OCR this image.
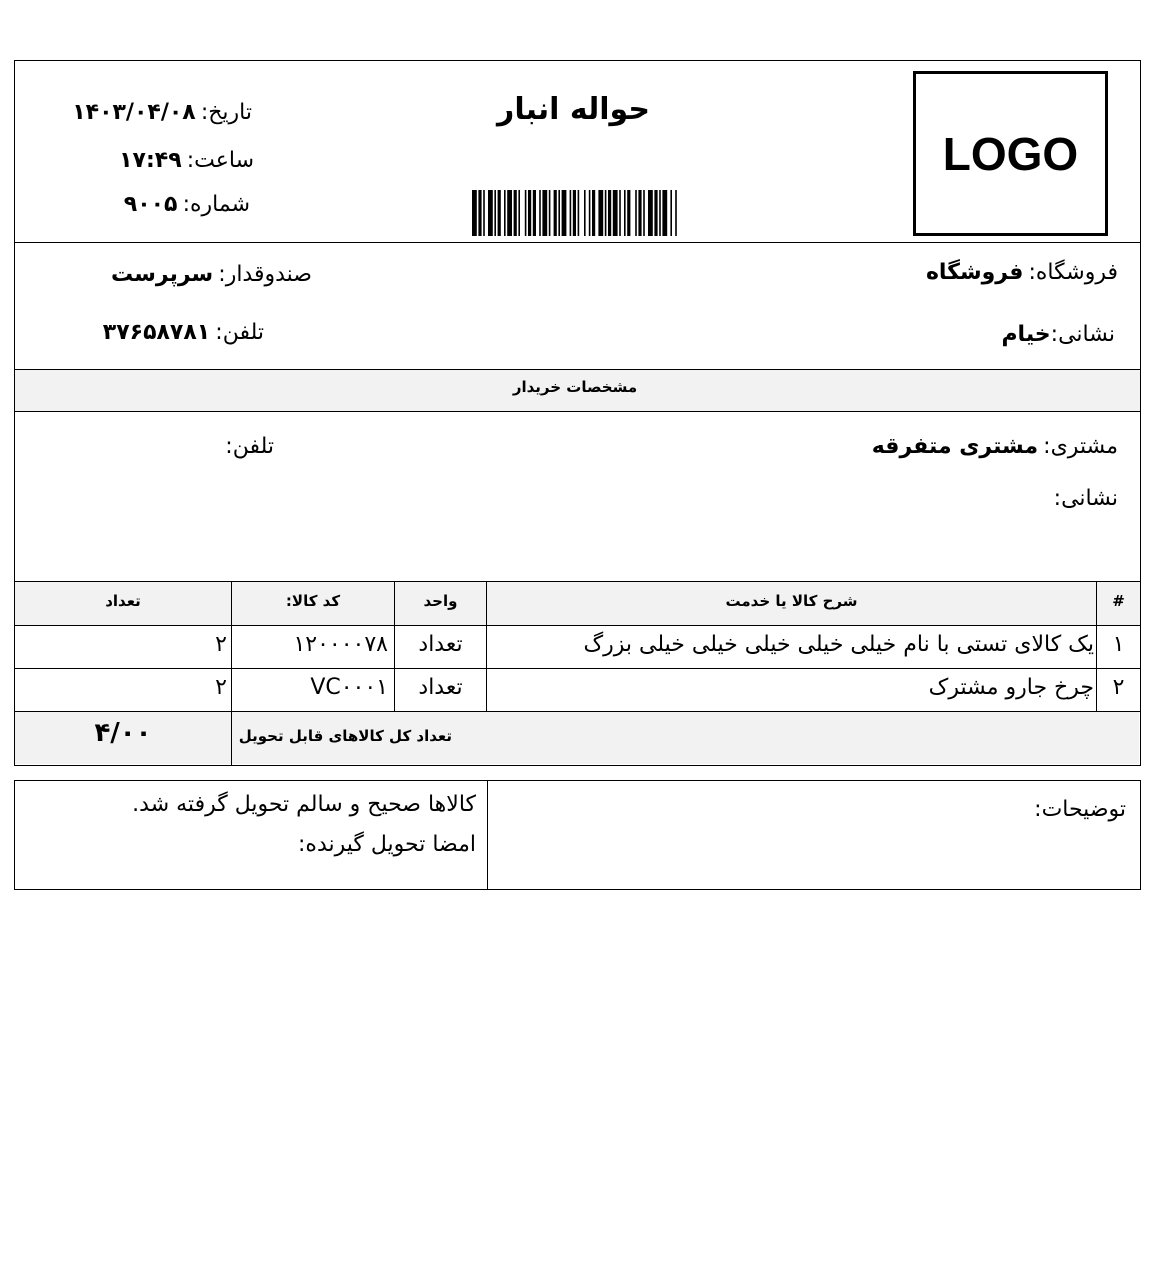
LOGO
حواله انبار
تاریخ: ۱۴۰۳/۰۴/۰۸
ساعت: ۱۷:۴۹
شماره: ۹۰۰۵
فروشگاه: فروشگاه
نشانی:خیام
صندوقدار: سرپرست
تلفن: ۳۷۶۵۸۷۸۱
مشخصات خریدار
مشتری: مشتری متفرقه
نشانی:
تلفن:
#
شرح کالا یا خدمت
واحد
کد کالا:
تعداد
۱
یک کالای تستی با نام خیلی خیلی خیلی خیلی خیلی بزرگ
تعداد
۱۲۰۰۰۰۷۸
۲
۲
چرخ جارو مشترک
تعداد
VC۰۰۰۱
۲
تعداد کل کالاهای قابل تحویل
۴/۰۰
توضیحات:
کالاها صحیح و سالم تحویل گرفته شد.
امضا تحویل گیرنده:
